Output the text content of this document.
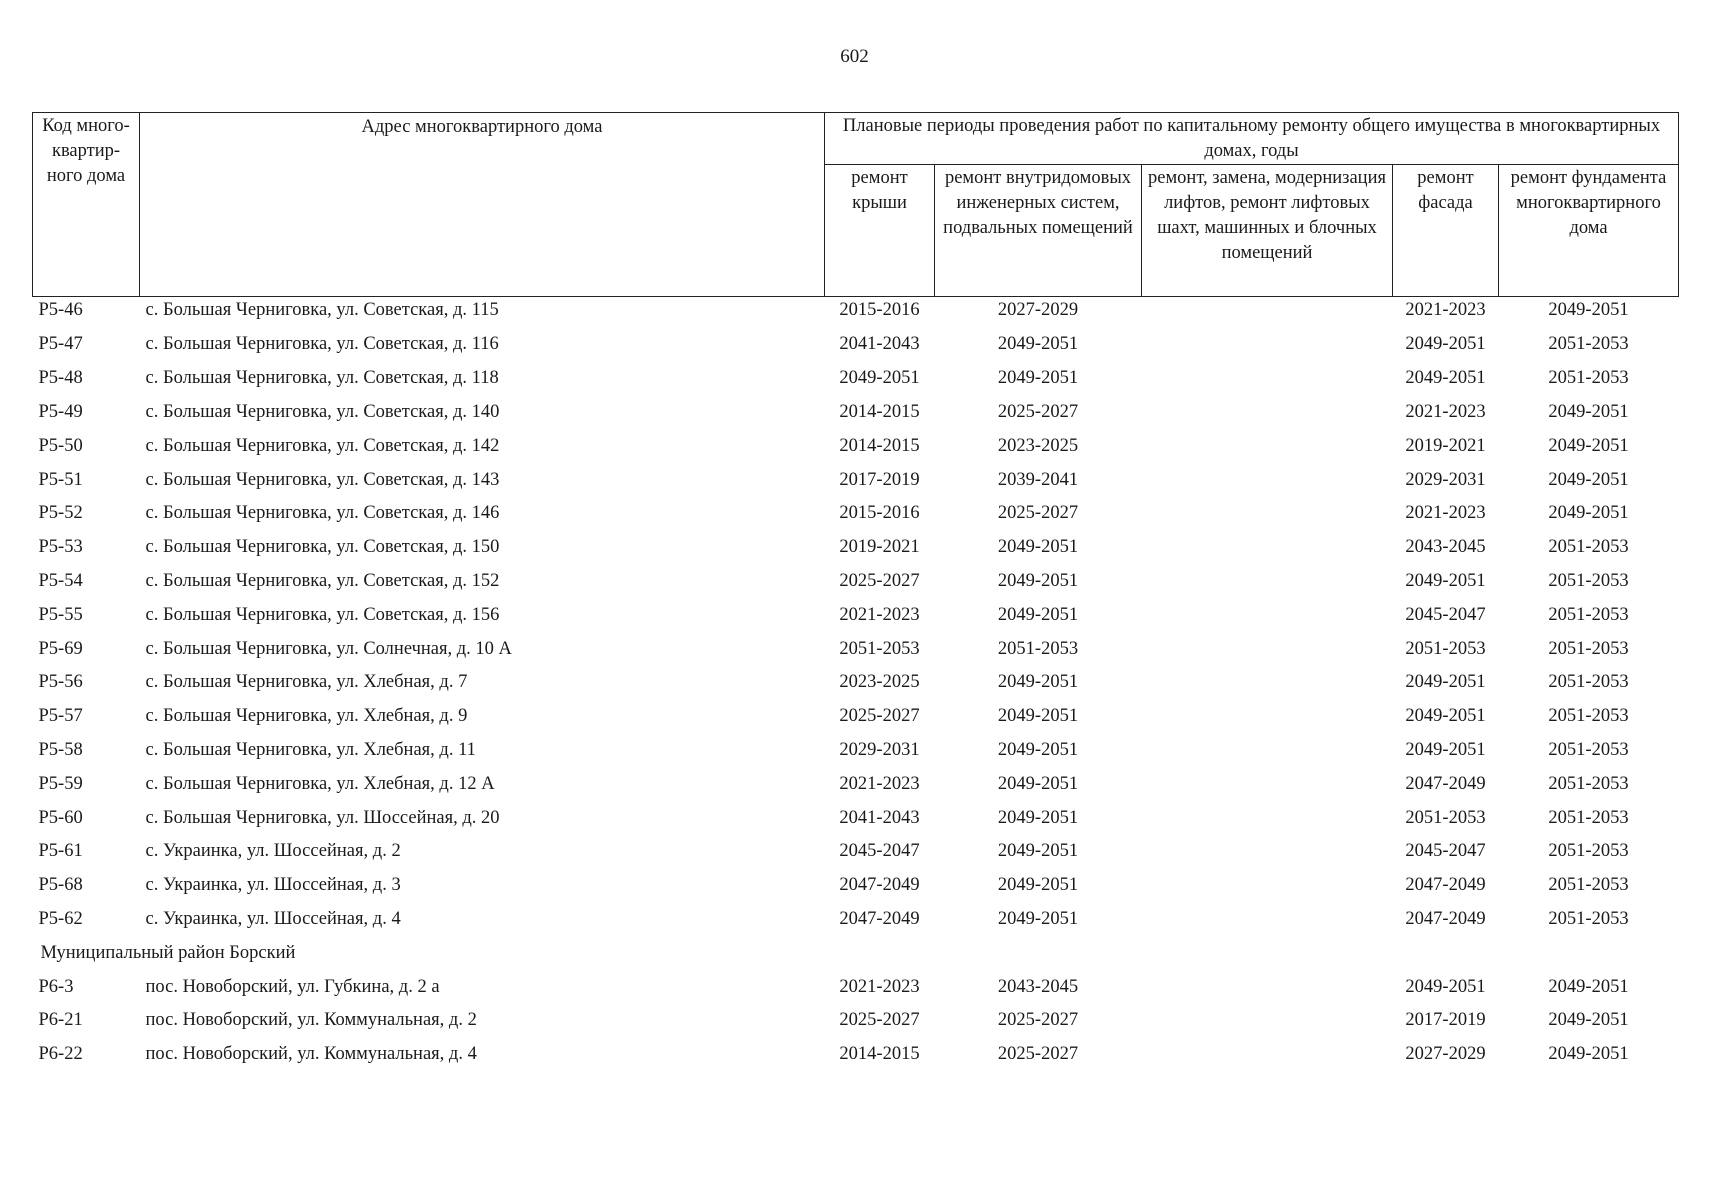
602
Код много-квартир-ного дома	Адрес многоквартирного дома	Плановые периоды проведения работ по капитальному ремонту общего имущества в многоквартирных домах, годы				
		ремонт крыши	ремонт внутридомовых инженерных систем, подвальных помещений	ремонт, замена, модернизация лифтов, ремонт лифтовых шахт, машинных и блочных помещений	ремонт фасада	ремонт фундамента многоквартирного дома
Р5-46	с. Большая Черниговка, ул. Советская, д. 115	2015-2016	2027-2029		2021-2023	2049-2051
Р5-47	с. Большая Черниговка, ул. Советская, д. 116	2041-2043	2049-2051		2049-2051	2051-2053
Р5-48	с. Большая Черниговка, ул. Советская, д. 118	2049-2051	2049-2051		2049-2051	2051-2053
Р5-49	с. Большая Черниговка, ул. Советская, д. 140	2014-2015	2025-2027		2021-2023	2049-2051
Р5-50	с. Большая Черниговка, ул. Советская, д. 142	2014-2015	2023-2025		2019-2021	2049-2051
Р5-51	с. Большая Черниговка, ул. Советская, д. 143	2017-2019	2039-2041		2029-2031	2049-2051
Р5-52	с. Большая Черниговка, ул. Советская, д. 146	2015-2016	2025-2027		2021-2023	2049-2051
Р5-53	с. Большая Черниговка, ул. Советская, д. 150	2019-2021	2049-2051		2043-2045	2051-2053
Р5-54	с. Большая Черниговка, ул. Советская, д. 152	2025-2027	2049-2051		2049-2051	2051-2053
Р5-55	с. Большая Черниговка, ул. Советская, д. 156	2021-2023	2049-2051		2045-2047	2051-2053
Р5-69	с. Большая Черниговка, ул. Солнечная, д. 10 А	2051-2053	2051-2053		2051-2053	2051-2053
Р5-56	с. Большая Черниговка, ул. Хлебная, д. 7	2023-2025	2049-2051		2049-2051	2051-2053
Р5-57	с. Большая Черниговка, ул. Хлебная, д. 9	2025-2027	2049-2051		2049-2051	2051-2053
Р5-58	с. Большая Черниговка, ул. Хлебная, д. 11	2029-2031	2049-2051		2049-2051	2051-2053
Р5-59	с. Большая Черниговка, ул. Хлебная, д. 12 А	2021-2023	2049-2051		2047-2049	2051-2053
Р5-60	с. Большая Черниговка, ул. Шоссейная, д. 20	2041-2043	2049-2051		2051-2053	2051-2053
Р5-61	с. Украинка, ул. Шоссейная, д. 2	2045-2047	2049-2051		2045-2047	2051-2053
Р5-68	с. Украинка, ул. Шоссейная, д. 3	2047-2049	2049-2051		2047-2049	2051-2053
Р5-62	с. Украинка, ул. Шоссейная, д. 4	2047-2049	2049-2051		2047-2049	2051-2053
Муниципальный район Борский						
Р6-3	пос. Новоборский, ул. Губкина, д. 2 а	2021-2023	2043-2045		2049-2051	2049-2051
Р6-21	пос. Новоборский, ул. Коммунальная, д. 2	2025-2027	2025-2027		2017-2019	2049-2051
Р6-22	пос. Новоборский, ул. Коммунальная, д. 4	2014-2015	2025-2027		2027-2029	2049-2051
